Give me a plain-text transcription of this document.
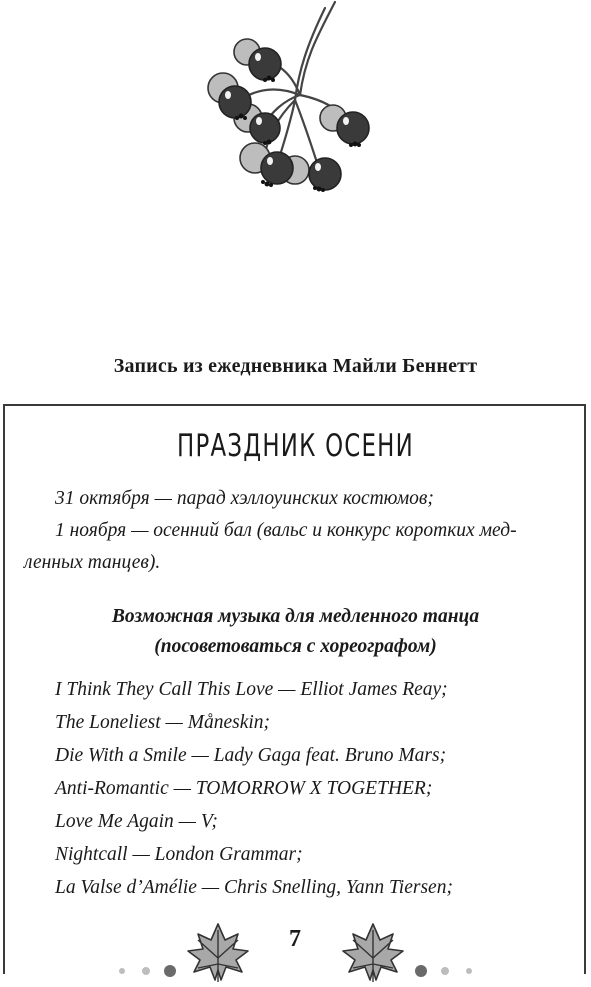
Запись из ежедневника Майли Беннетт
ПРАЗДНИК ОСЕНИ
31 октября — парад хэллоуинских костюмов;
1 ноября — осенний бал (вальс и конкурс коротких мед-
ленных танцев).
Возможная музыка для медленного танца
(посоветоваться с хореографом)
I Think They Call This Love — Elliot James Reay;
The Loneliest — Måneskin;
Die With a Smile — Lady Gaga feat. Bruno Mars;
Anti-Romantic — TOMORROW X TOGETHER;
Love Me Again — V;
Nightcall — London Grammar;
La Valse d’Amélie — Chris Snelling, Yann Tiersen;
7
